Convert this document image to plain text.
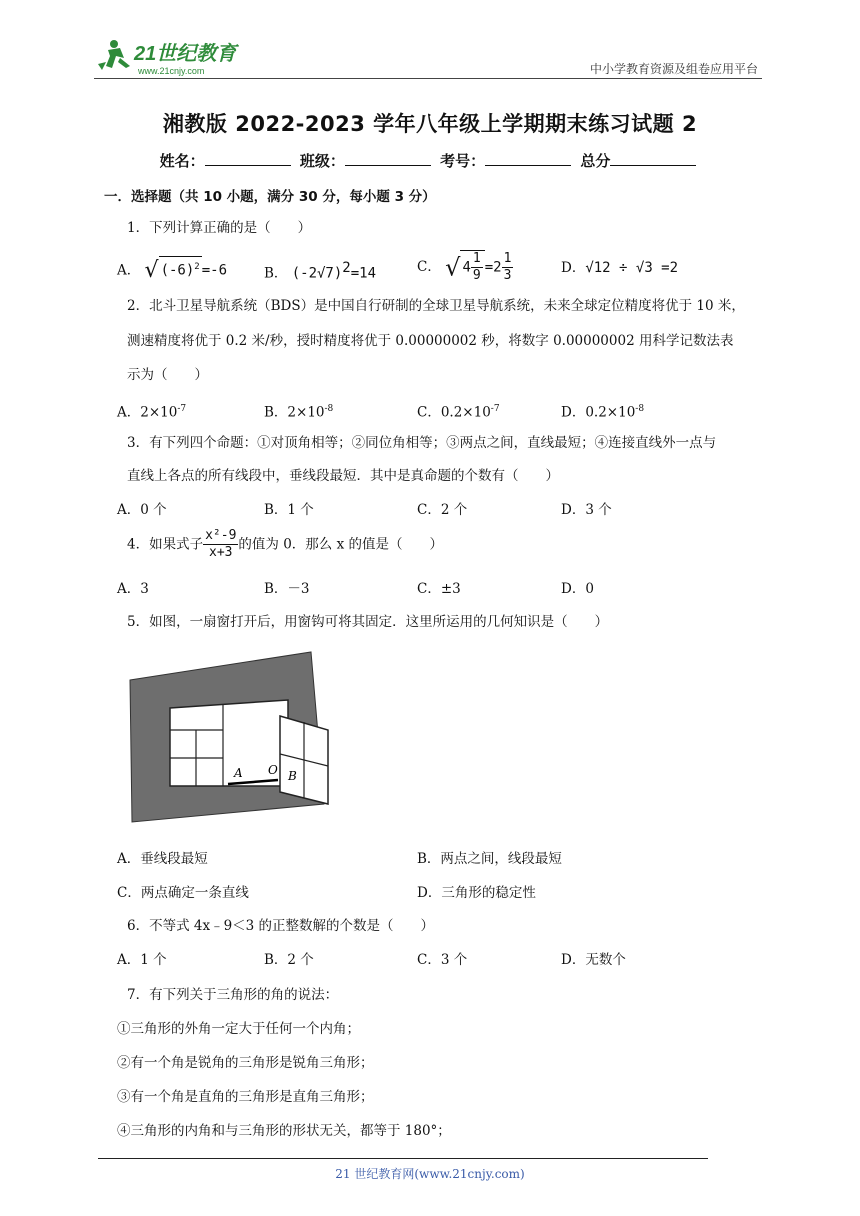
21世纪教育
www.21cnjy.com	中小学教育资源及组卷应用平台
湘教版 2022-2023 学年八年级上学期期末练习试题 2
姓名：	班级：	考号：	总分
一．选择题（共 10 小题，满分 30 分，每小题 3 分）
1．下列计算正确的是（　　）
A． √ $(-6)^2 =-6$	B． $(-2√7)^2=14$	C． √ $4 \frac{1}{9} =2 \frac{1}{3}$	D．√12 ÷ √3 =2
2．北斗卫星导航系统（BDS）是中国自行研制的全球卫星导航系统，未来全球定位精度将优于 10 米，
测速精度将优于 0.2 米/秒，授时精度将优于 0.00000002 秒，将数字 0.00000002 用科学记数法表
示为（　　）
A．$2\times 10^{-7}$	B．$2\times 10^{-8}$	C．$0.2\times 10^{-7}$	D．$0.2\times 10^{-8}$
3．有下列四个命题：①对顶角相等；②同位角相等；③两点之间，直线最短；④连接直线外一点与
直线上各点的所有线段中，垂线段最短．其中是真命题的个数有（　　）
A．0 个	B．1 个	C．2 个	D．3 个
4．如果式子 $\frac{\text{x²-9}}{x+3}$ 的值为 0．那么 x 的值是（　　）
A．3	B．－3	C．±3	D．0
5．如图，一扇窗打开后，用窗钩可将其固定．这里所运用的几何知识是（　　）
A O B
A．垂线段最短	B．两点之间，线段最短
C．两点确定一条直线	D．三角形的稳定性
6．不等式 4x﹣9＜3 的正整数解的个数是（　　）
A．1 个	B．2 个	C．3 个	D．无数个
7．有下列关于三角形的角的说法：
①三角形的外角一定大于任何一个内角；
②有一个角是锐角的三角形是锐角三角形；
③有一个角是直角的三角形是直角三角形；
④三角形的内角和与三角形的形状无关，都等于 180°；
21 世纪教育网(www.21cnjy.com)
